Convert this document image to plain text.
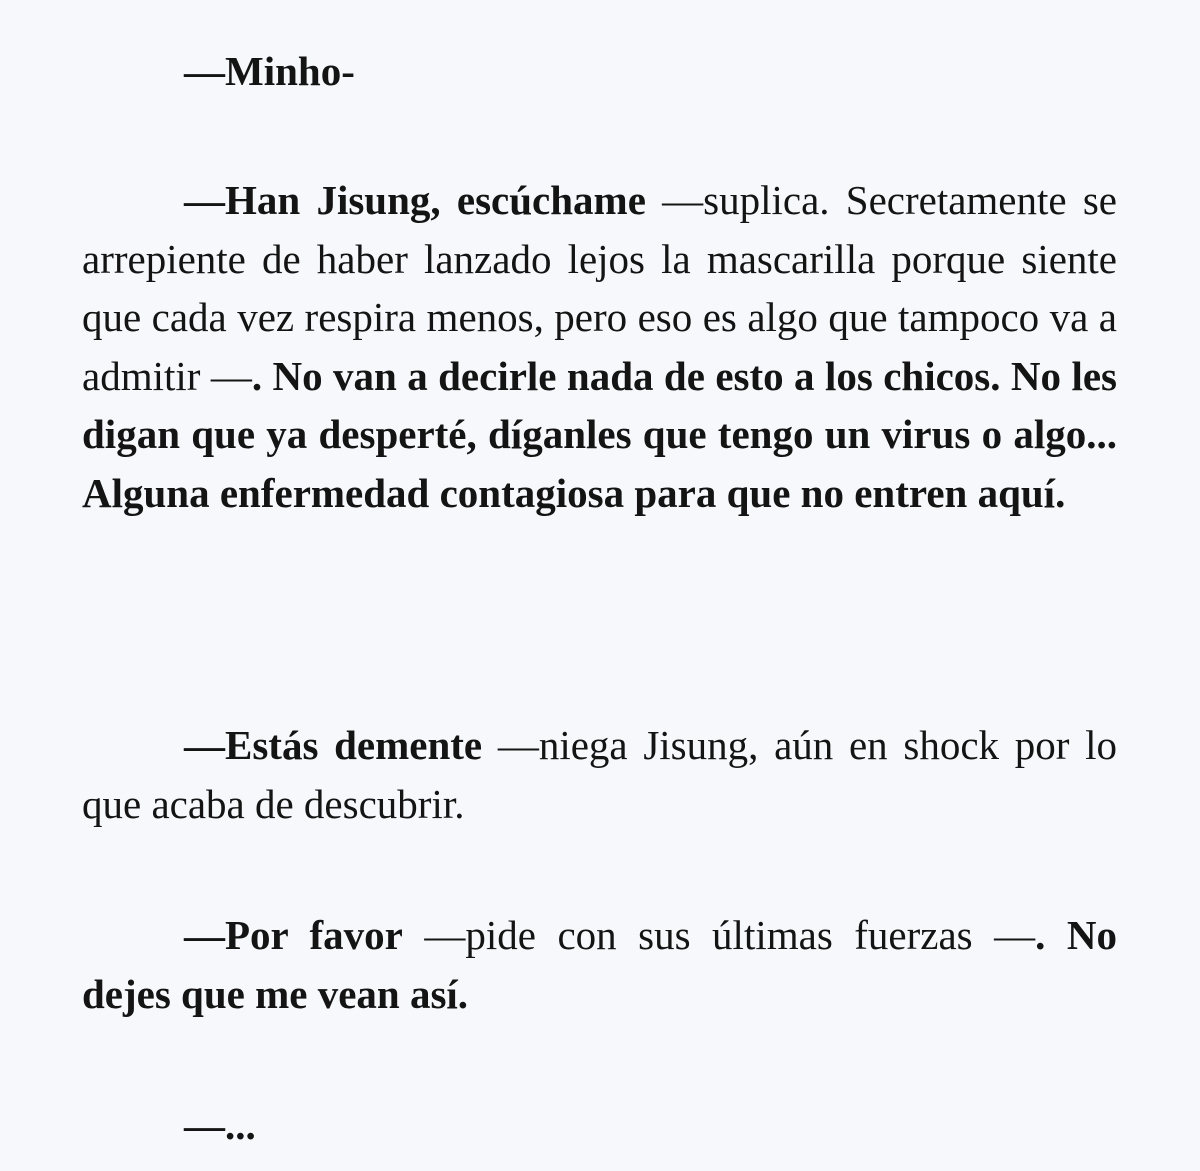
—Minho-

—Han Jisung, escúchame —suplica. Secretamente se arrepiente de haber lanzado lejos la mascarilla porque siente que cada vez respira menos, pero eso es algo que tampoco va a admitir —. No van a decirle nada de esto a los chicos. No les digan que ya desperté, díganles que tengo un virus o algo... Alguna enfermedad contagiosa para que no entren aquí.

—Estás demente —niega Jisung, aún en shock por lo que acaba de descubrir.

—Por favor —pide con sus últimas fuerzas —. No dejes que me vean así.

—...
